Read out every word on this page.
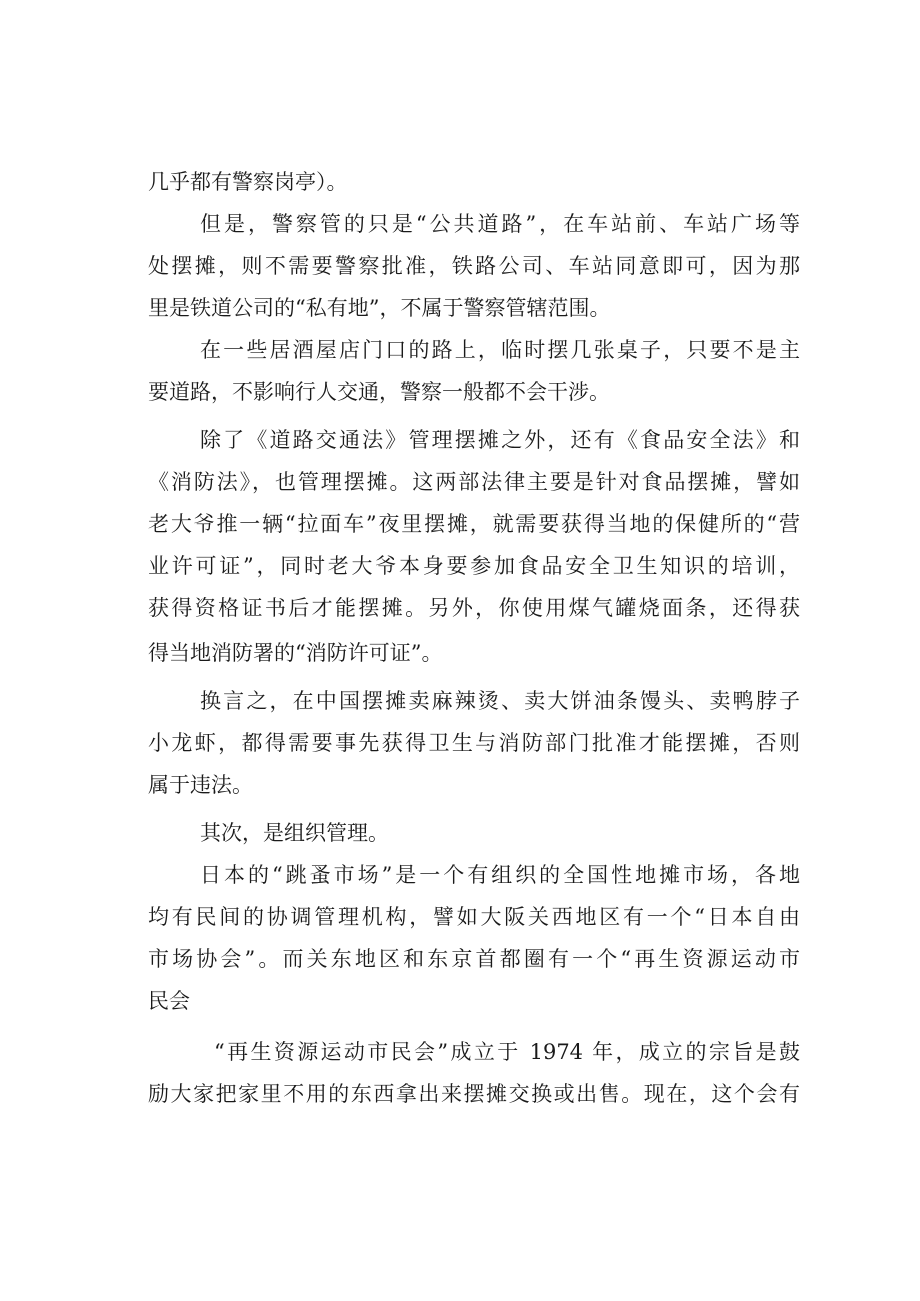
几乎都有警察岗亭）。
但是，警察管的只是“公共道路”，在车站前、车站广场等
处摆摊，则不需要警察批准，铁路公司、车站同意即可，因为那
里是铁道公司的“私有地”，不属于警察管辖范围。
在一些居酒屋店门口的路上，临时摆几张桌子，只要不是主
要道路，不影响行人交通，警察一般都不会干涉。
除了《道路交通法》管理摆摊之外，还有《食品安全法》和
《消防法》，也管理摆摊。这两部法律主要是针对食品摆摊，譬如
老大爷推一辆“拉面车”夜里摆摊，就需要获得当地的保健所的“营
业许可证”，同时老大爷本身要参加食品安全卫生知识的培训，
获得资格证书后才能摆摊。另外，你使用煤气罐烧面条，还得获
得当地消防署的“消防许可证”。
换言之，在中国摆摊卖麻辣烫、卖大饼油条馒头、卖鸭脖子
小龙虾，都得需要事先获得卫生与消防部门批准才能摆摊，否则
属于违法。
其次，是组织管理。
日本的“跳蚤市场”是一个有组织的全国性地摊市场，各地
均有民间的协调管理机构，譬如大阪关西地区有一个“日本自由
市场协会”。而关东地区和东京首都圈有一个“再生资源运动市
民会
“再生资源运动市民会”成立于 1974 年，成立的宗旨是鼓
励大家把家里不用的东西拿出来摆摊交换或出售。现在，这个会有
